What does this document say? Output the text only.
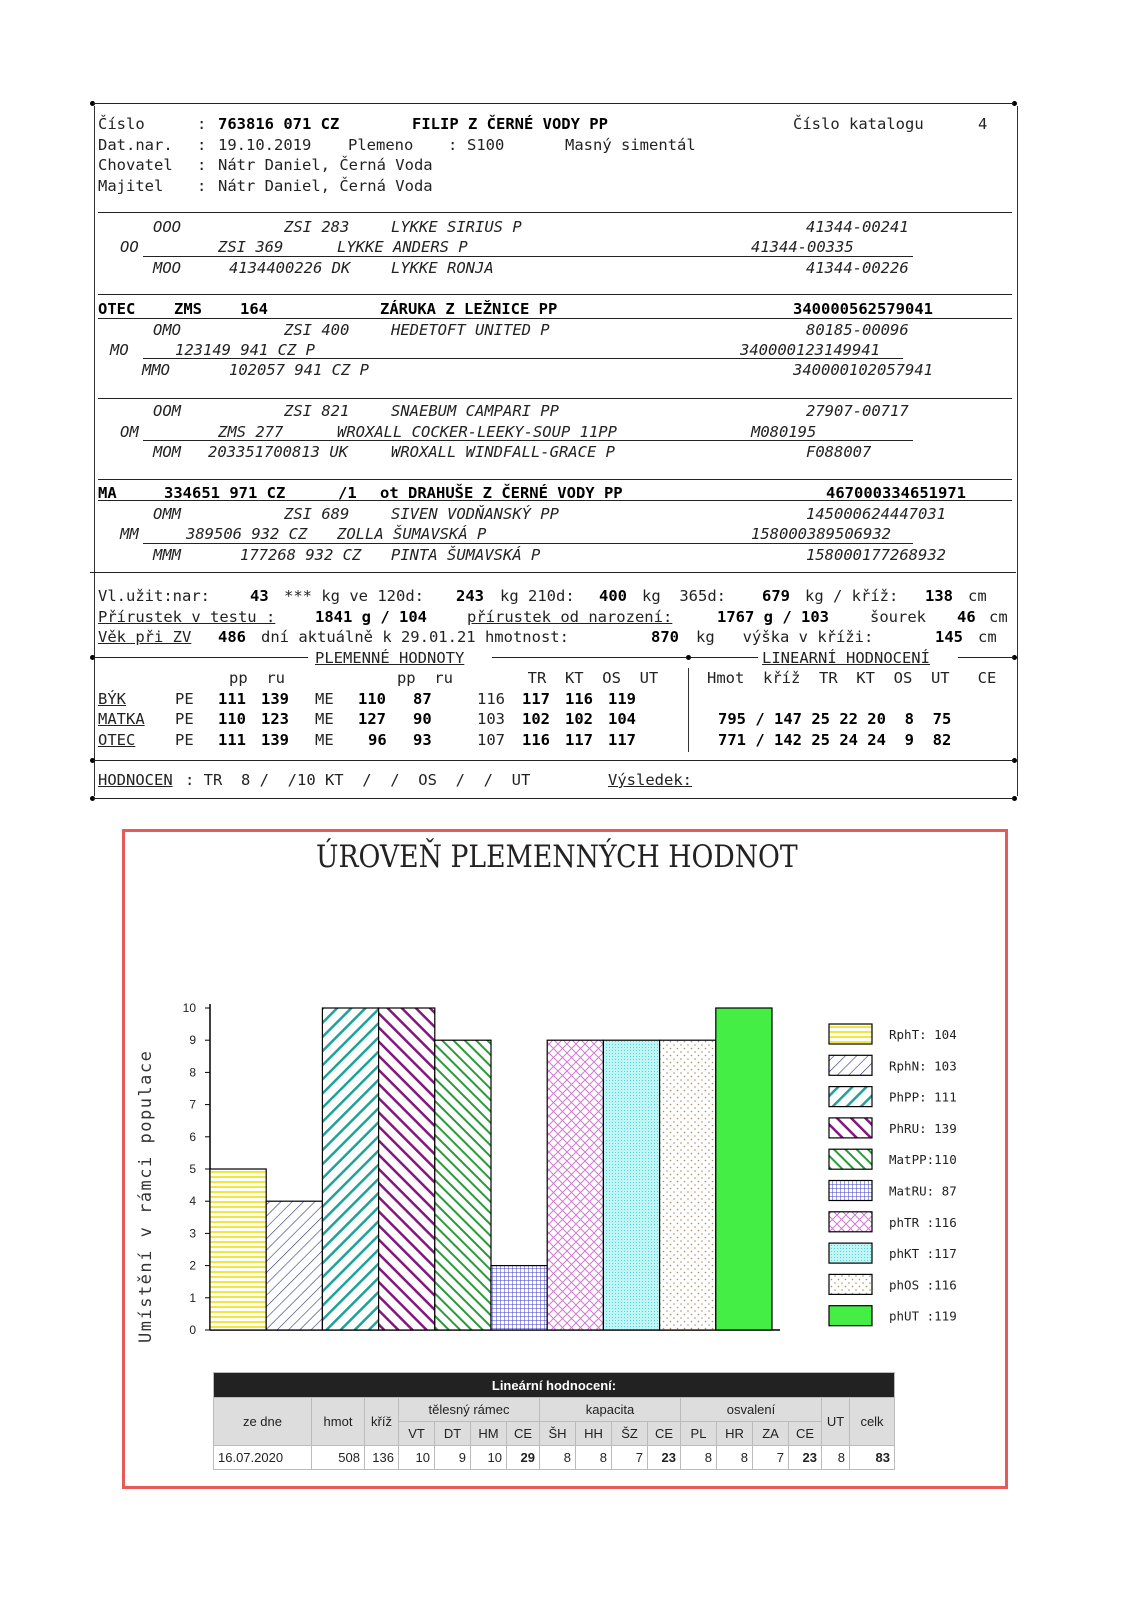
Číslo	: 763816 071 CZ	FILIP Z ČERNÉ VODY PP	Číslo katalogu	4
Dat.nar. : 19.10.2019 Plemeno : S100	Masný simentál
Chovatel : Nátr Daniel, Černá Voda
Majitel : Nátr Daniel, Černá Voda
OOO	ZSI 283	LYKKE SIRIUS P	41344-00241
OO	ZSI 369	LYKKE ANDERS P	41344-00335
MOO	4134400226 DK	LYKKE RONJA	41344-00226
OTEC ZMS 164	ZÁRUKA Z LEŽNICE PP	340000562579041
OMO	ZSI 400	HEDETOFT UNITED P	80185-00096
MO	123149 941 CZ P	340000123149941
MMO	102057 941 CZ P	340000102057941
OOM	ZSI 821	SNAEBUM CAMPARI PP	27907-00717
OM	ZMS 277	WROXALL COCKER-LEEKY-SOUP 11PP	M080195
MOM 203351700813 UK	WROXALL WINDFALL-GRACE P	F088007
MA	334651 971 CZ	/1 ot DRAHUŠE Z ČERNÉ VODY PP	467000334651971
OMM	ZSI 689	SIVEN VODŇANSKÝ PP	145000624447031
MM	389506 932 CZ ZOLLA ŠUMAVSKÁ P	158000389506932
MMM	177268 932 CZ PINTA ŠUMAVSKÁ P	158000177268932
Vl.užit:nar:	43 *** kg ve 120d: 243 kg 210d: 400 kg  365d: 679 kg / kříž: 138 cm
Přírustek v testu :	1841 g / 104	přírustek od narození:	1767 g / 103	šourek 46 cm
Věk při ZV 486 dní aktuálně k 29.01.21 hmotnost:	870 kg   výška v kříži:	145 cm
PLEMENNÉ HODNOTY	LINEARNÍ HODNOCENÍ
pp  ru            pp  ru        TR  KT  OS  UT	Hmot  kříž  TR  KT  OS  UT   CE
BÝK	PE 111 139 ME 110 87	116 117 116 119
MATKA PE 110 123 ME 127 90	103 102 102 104	795 / 147 25 22 20  8  75
OTEC	PE 111 139 ME 96 93	107 116 117 117	771 / 142 25 24 24  9  82
HODNOCEN : TR  8 /  /10 KT  /  /  OS  /  /  UT	Výsledek:
0
1
2
3
4
5
6
7
8
9
10
RphT: 104
RphN: 103
PhPP: 111
PhRU: 139
MatPP:110
MatRU: 87
phTR :116
phKT :117
phOS :116
phUT :119
ÚROVEŇ PLEMENNÝCH HODNOT
Umístění v rámci populace
Lineární hodnocení:																
ze dne	hmot	kříž	tělesný rámec				kapacita				osvalení				UT	celk
			VT	DT	HM	CE	ŠH	HH	ŠZ	CE	PL	HR	ZA	CE		
16.07.2020	508	136	10	9	10	29	8	8	7	23	8	8	7	23	8	83
